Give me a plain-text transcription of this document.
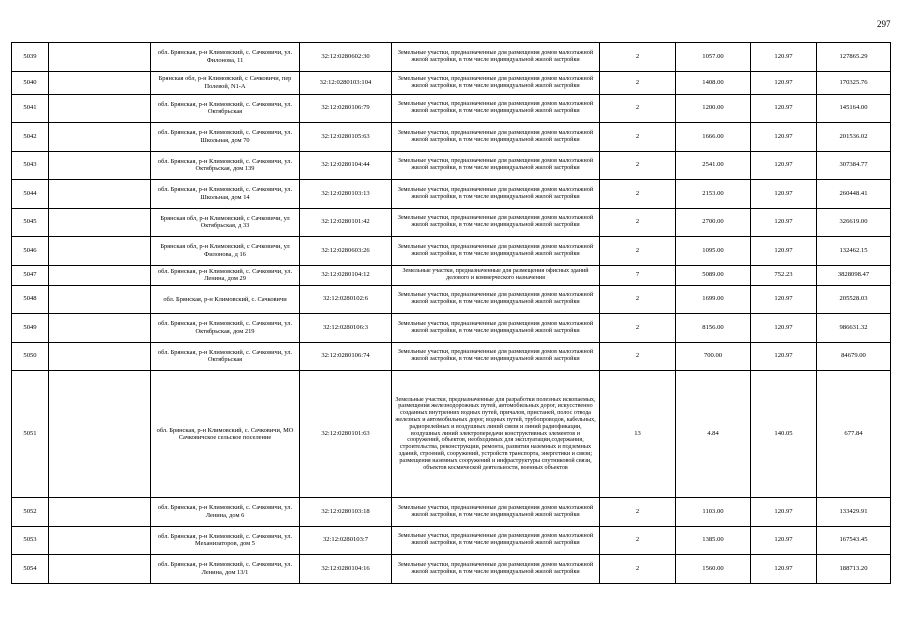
297
5039		обл. Брянская, р-н Климовский, с. Сачковичи, ул. Филонова, 11	32:12:0280602:30	Земельные участки, предназначенные для размещения домов малоэтажной жилой застройки, в том числе индивидуальной жилой застройки	2	1057.00	120.97	127865.29
5040		Брянская обл, р-н Климовский, с Сачковичи, пер Полевой, N1-А	32:12:0280103:104	Земельные участки, предназначенные для размещения домов малоэтажной жилой застройки, в том числе индивидуальной жилой застройки	2	1408.00	120.97	170325.76
5041		обл. Брянская, р-н Климовский, с. Сачковичи, ул. Октябрьская	32:12:0280106:79	Земельные участки, предназначенные для размещения домов малоэтажной жилой застройки, в том числе индивидуальной жилой застройки	2	1200.00	120.97	145164.00
5042		обл. Брянская, р-н Климовский, с. Сачковичи, ул. Школьная, дом 70	32:12:0280105:63	Земельные участки, предназначенные для размещения домов малоэтажной жилой застройки, в том числе индивидуальной жилой застройки	2	1666.00	120.97	201536.02
5043		обл. Брянская, р-н Климовский, с. Сачковичи, ул. Октябрьская, дом 139	32:12:0280104:44	Земельные участки, предназначенные для размещения домов малоэтажной жилой застройки, в том числе индивидуальной жилой застройки	2	2541.00	120.97	307384.77
5044		обл. Брянская, р-н Климовский, с. Сачковичи, ул. Школьная, дом 14	32:12:0280103:13	Земельные участки, предназначенные для размещения домов малоэтажной жилой застройки, в том числе индивидуальной жилой застройки	2	2153.00	120.97	260448.41
5045		Брянская обл, р-н Климовский, с Сачковичи, ул Октябрьская, д 33	32:12:0280101:42	Земельные участки, предназначенные для размещения домов малоэтажной жилой застройки, в том числе индивидуальной жилой застройки	2	2700.00	120.97	326619.00
5046		Брянская обл, р-н Климовский, с Сачковичи, ул Филонова, д 16	32:12:0280603:26	Земельные участки, предназначенные для размещения домов малоэтажной жилой застройки, в том числе индивидуальной жилой застройки	2	1095.00	120.97	132462.15
5047		обл. Брянская, р-н Климовский, с. Сачковичи, ул. Ленина, дом 29	32:12:0280104:12	Земельные участки, предназначенные для размещения офисных зданий делового и коммерческого назначения	7	5089.00	752.23	3828098.47
5048		обл. Брянская, р-н Климовский, с. Сачковичи	32:12:0280102:6	Земельные участки, предназначенные для размещения домов малоэтажной жилой застройки, в том числе индивидуальной жилой застройки	2	1699.00	120.97	205528.03
5049		обл. Брянская, р-н Климовский, с. Сачковичи, ул. Октябрьская, дом 219	32:12:0280106:3	Земельные участки, предназначенные для размещения домов малоэтажной жилой застройки, в том числе индивидуальной жилой застройки	2	8156.00	120.97	986631.32
5050		обл. Брянская, р-н Климовский, с. Сачковичи, ул. Октябрьская	32:12:0280106:74	Земельные участки, предназначенные для размещения домов малоэтажной жилой застройки, в том числе индивидуальной жилой застройки	2	700.00	120.97	84679.00
5051		обл. Брянская, р-н Климовский, с. Сачковичи, МО Сачковичское сельское поселение	32:12:0280101:63	Земельные участки, предназначенные для разработки полезных ископаемых, размещения железнодорожных путей, автомобильных дорог, искусственно созданных внутренних водных путей, причалов, пристаней, полос отвода железных и автомобильных дорог, водных путей, трубопроводов, кабельных, радиорелейных и воздушных линий связи и линий радиофикации, воздушных линий электропередачи конструктивных элементов и сооружений, объектов, необходимых для эксплуатации,содержания, строительства, реконструкции, ремонта, развития наземных и подземных зданий, строений, сооружений, устройств транспорта, энергетики и связи; размещения наземных сооружений и инфраструктуры спутниковой связи, объектов космической деятельности, военных объектов	13	4.84	140.05	677.84
5052		обл. Брянская, р-н Климовский, с. Сачковичи, ул. Ленина, дом 6	32:12:0280103:18	Земельные участки, предназначенные для размещения домов малоэтажной жилой застройки, в том числе индивидуальной жилой застройки	2	1103.00	120.97	133429.91
5053		обл. Брянская, р-н Климовский, с. Сачковичи, ул. Механизаторов, дом 5	32:12:0280103:7	Земельные участки, предназначенные для размещения домов малоэтажной жилой застройки, в том числе индивидуальной жилой застройки	2	1385.00	120.97	167543.45
5054		обл. Брянская, р-н Климовский, с. Сачковичи, ул. Ленина, дом 13/1	32:12:0280104:16	Земельные участки, предназначенные для размещения домов малоэтажной жилой застройки, в том числе индивидуальной жилой застройки	2	1560.00	120.97	188713.20
